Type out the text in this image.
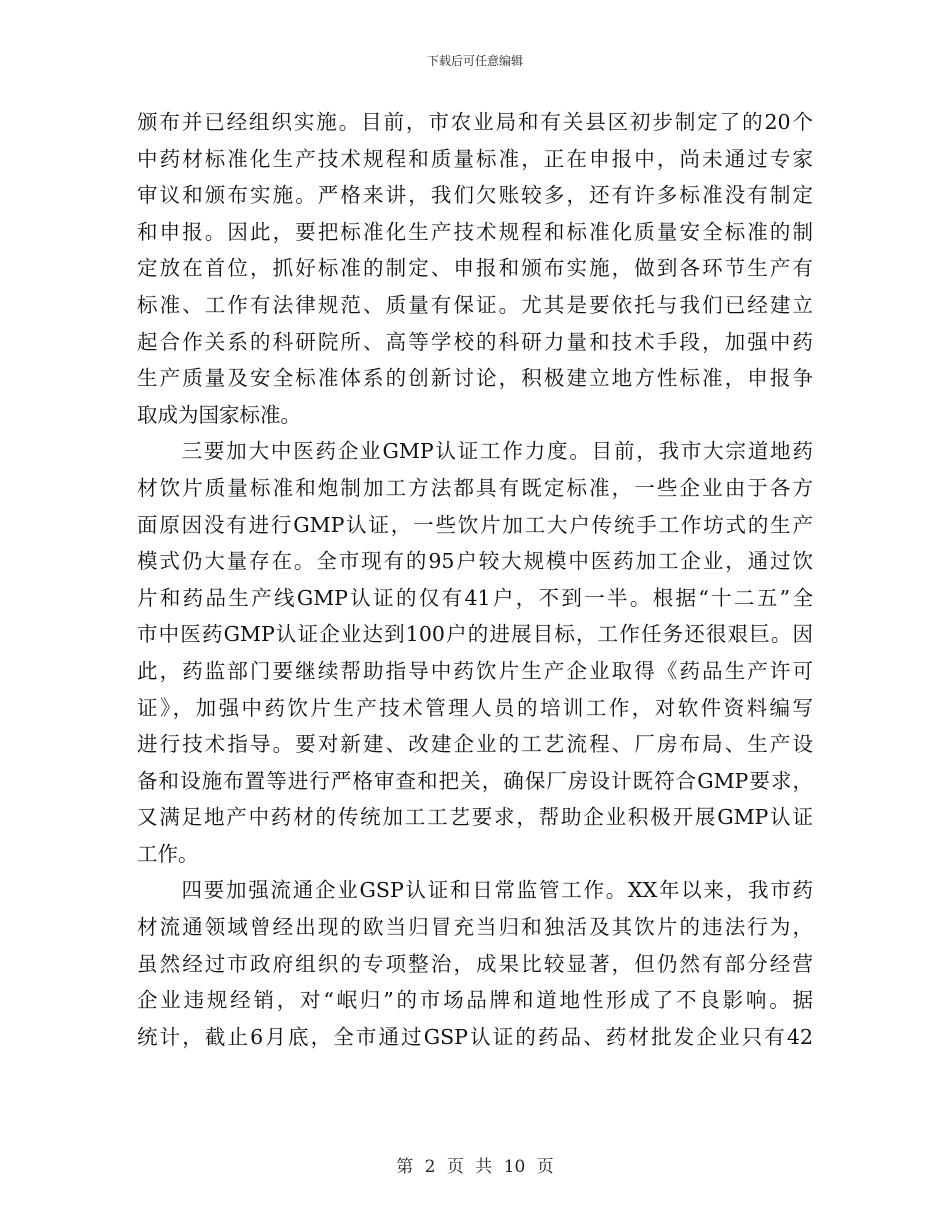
下载后可任意编辑
颁布并已经组织实施。目前，市农业局和有关县区初步制定了的20个
中药材标准化生产技术规程和质量标准，正在申报中，尚未通过专家
审议和颁布实施。严格来讲，我们欠账较多，还有许多标准没有制定
和申报。因此，要把标准化生产技术规程和标准化质量安全标准的制
定放在首位，抓好标准的制定、申报和颁布实施，做到各环节生产有
标准、工作有法律规范、质量有保证。尤其是要依托与我们已经建立
起合作关系的科研院所、高等学校的科研力量和技术手段，加强中药
生产质量及安全标准体系的创新讨论，积极建立地方性标准，申报争
取成为国家标准。
　　三要加大中医药企业GMP认证工作力度。目前，我市大宗道地药
材饮片质量标准和炮制加工方法都具有既定标准，一些企业由于各方
面原因没有进行GMP认证，一些饮片加工大户传统手工作坊式的生产
模式仍大量存在。全市现有的95户较大规模中医药加工企业，通过饮
片和药品生产线GMP认证的仅有41户，不到一半。根据“十二五”全
市中医药GMP认证企业达到100户的进展目标，工作任务还很艰巨。因
此，药监部门要继续帮助指导中药饮片生产企业取得《药品生产许可
证》，加强中药饮片生产技术管理人员的培训工作，对软件资料编写
进行技术指导。要对新建、改建企业的工艺流程、厂房布局、生产设
备和设施布置等进行严格审查和把关，确保厂房设计既符合GMP要求，
又满足地产中药材的传统加工工艺要求，帮助企业积极开展GMP认证
工作。
　　四要加强流通企业GSP认证和日常监管工作。XX年以来，我市药
材流通领域曾经出现的欧当归冒充当归和独活及其饮片的违法行为，
虽然经过市政府组织的专项整治，成果比较显著，但仍然有部分经营
企业违规经销，对“岷归”的市场品牌和道地性形成了不良影响。据
统计，截止6月底，全市通过GSP认证的药品、药材批发企业只有42
第 2 页 共 10 页
